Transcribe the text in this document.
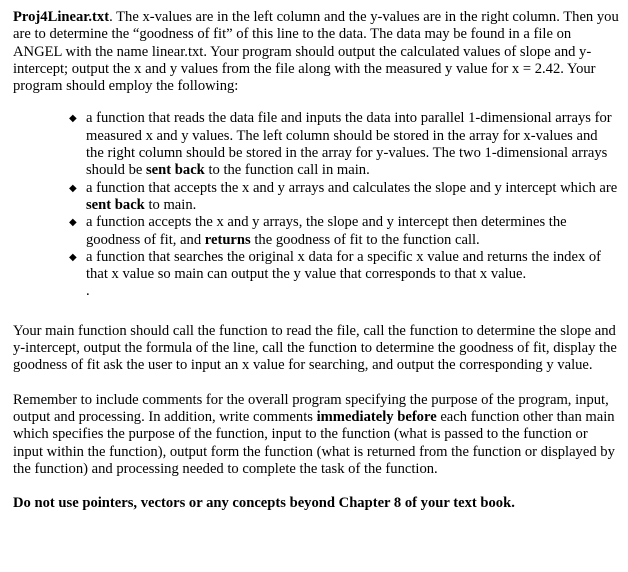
Proj4Linear.txt. The x-values are in the left column and the y-values are in the right column. Then you are to determine the “goodness of fit” of this line to the data. The data may be found in a file on ANGEL with the name linear.txt. Your program should output the calculated values of slope and y-intercept; output the x and y values from the file along with the measured y value for x = 2.42. Your program should employ the following:

◆ a function that reads the data file and inputs the data into parallel 1-dimensional arrays for measured x and y values. The left column should be stored in the array for x-values and the right column should be stored in the array for y-values. The two 1-dimensional arrays should be sent back to the function call in main.
◆ a function that accepts the x and y arrays and calculates the slope and y intercept which are sent back to main.
◆ a function accepts the x and y arrays, the slope and y intercept then determines the goodness of fit, and returns the goodness of fit to the function call.
◆ a function that searches the original x data for a specific x value and returns the index of that x value so main can output the y value that corresponds to that x value.

.

Your main function should call the function to read the file, call the function to determine the slope and y-intercept, output the formula of the line, call the function to determine the goodness of fit, display the goodness of fit ask the user to input an x value for searching, and output the corresponding y value.

Remember to include comments for the overall program specifying the purpose of the program, input, output and processing. In addition, write comments immediately before each function other than main which specifies the purpose of the function, input to the function (what is passed to the function or input within the function), output form the function (what is returned from the function or displayed by the function) and processing needed to complete the task of the function.

Do not use pointers, vectors or any concepts beyond Chapter 8 of your text book.
